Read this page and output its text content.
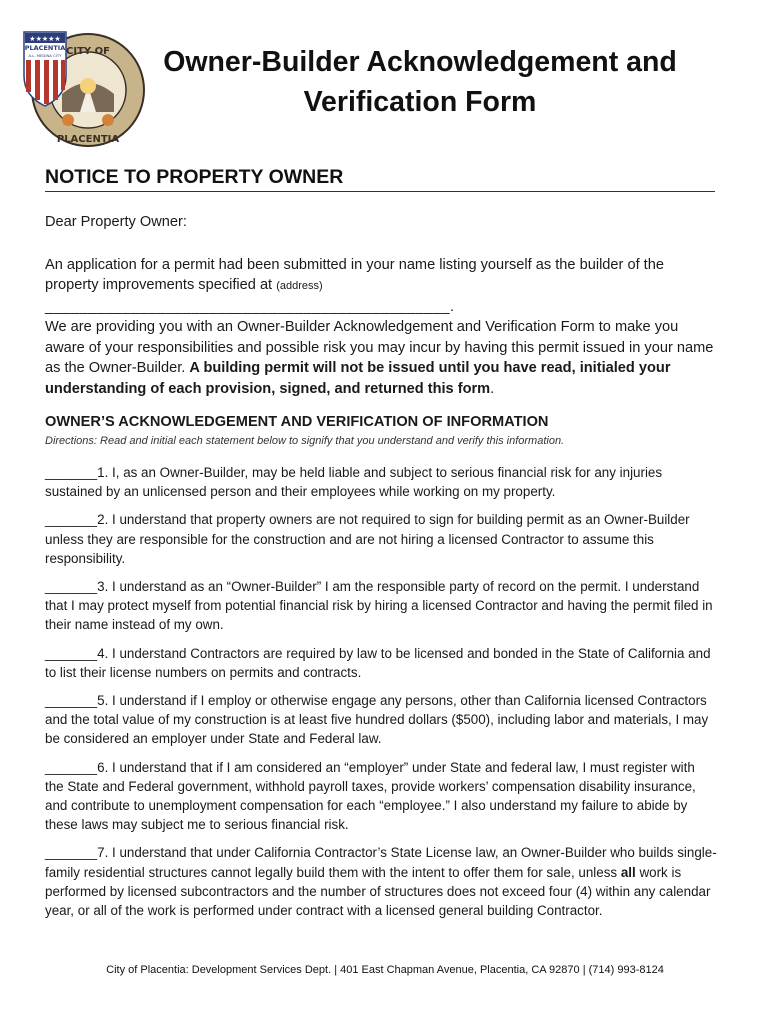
CITY OF
PLACENTIA
★★★★★
PLACENTIA
A.L. MEDINA CITY	Owner-Builder Acknowledgement and
Verification Form
NOTICE TO PROPERTY OWNER

Dear Property Owner:

An application for a permit had been submitted in your name listing yourself as the builder of the property improvements specified at (address) _______________________________________________.

We are providing you with an Owner-Builder Acknowledgement and Verification Form to make you aware of your responsibilities and possible risk you may incur by having this permit issued in your name as the Owner-Builder. A building permit will not be issued until you have read, initialed your understanding of each provision, signed, and returned this form.

OWNER’S ACKNOWLEDGEMENT AND VERIFICATION OF INFORMATION

Directions: Read and initial each statement below to signify that you understand and verify this information.

_______1. I, as an Owner-Builder, may be held liable and subject to serious financial risk for any injuries sustained by an unlicensed person and their employees while working on my property.

_______2. I understand that property owners are not required to sign for building permit as an Owner-Builder unless they are responsible for the construction and are not hiring a licensed Contractor to assume this responsibility.

_______3. I understand as an “Owner-Builder” I am the responsible party of record on the permit. I understand that I may protect myself from potential financial risk by hiring a licensed Contractor and having the permit filed in their name instead of my own.

_______4. I understand Contractors are required by law to be licensed and bonded in the State of California and to list their license numbers on permits and contracts.

_______5. I understand if I employ or otherwise engage any persons, other than California licensed Contractors and the total value of my construction is at least five hundred dollars ($500), including labor and materials, I may be considered an employer under State and Federal law.

_______6. I understand that if I am considered an “employer” under State and federal law, I must register with the State and Federal government, withhold payroll taxes, provide workers’ compensation disability insurance, and contribute to unemployment compensation for each “employee.” I also understand my failure to abide by these laws may subject me to serious financial risk.

_______7. I understand that under California Contractor’s State License law, an Owner-Builder who builds single-family residential structures cannot legally build them with the intent to offer them for sale, unless all work is performed by licensed subcontractors and the number of structures does not exceed four (4) within any calendar year, or all of the work is performed under contract with a licensed general building Contractor.

City of Placentia: Development Services Dept. | 401 East Chapman Avenue, Placentia, CA 92870 | (714) 993-8124
